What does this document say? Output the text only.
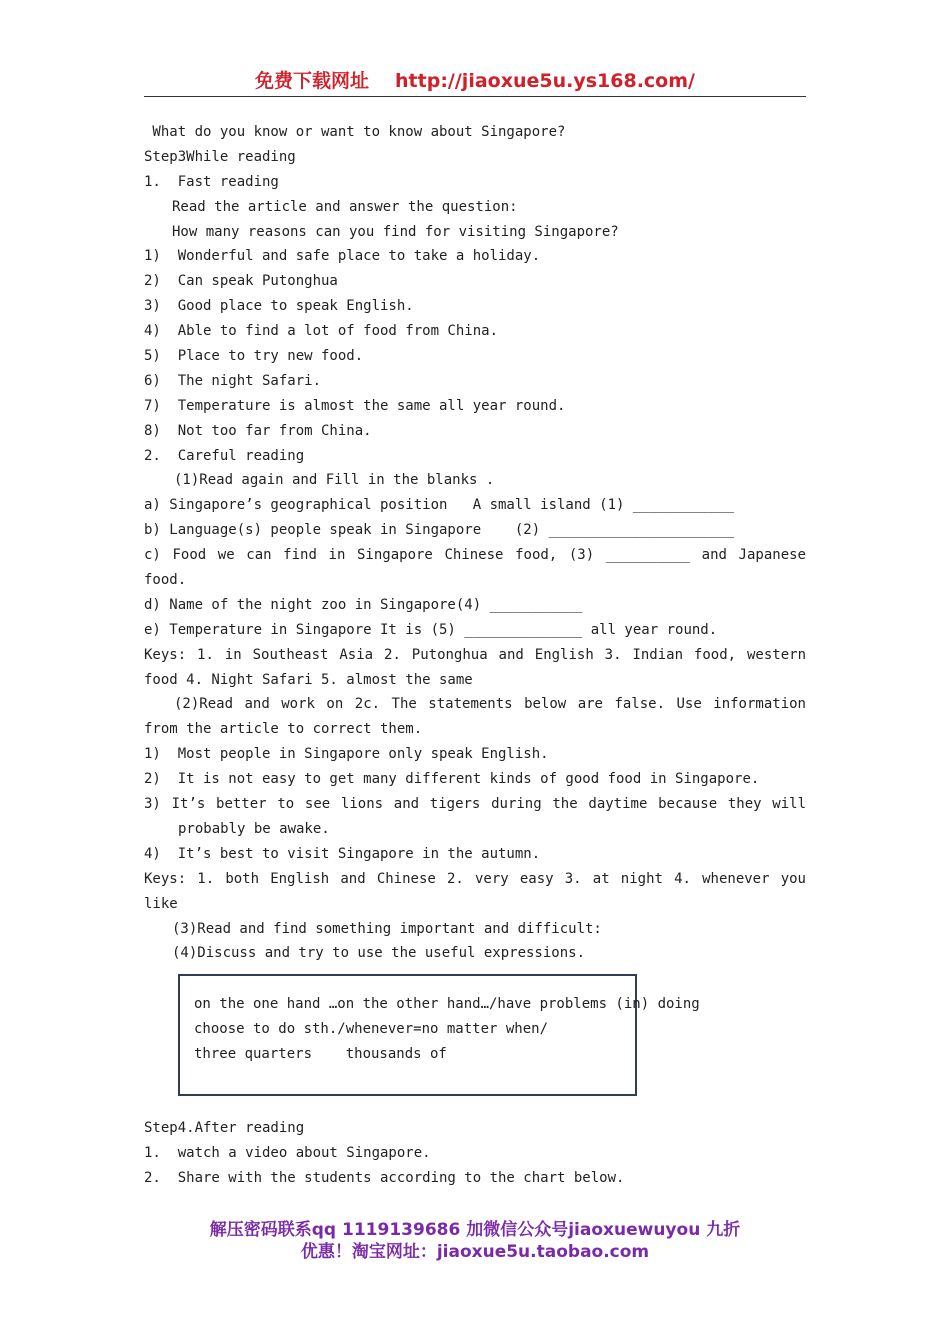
免费下载网址 http://jiaoxue5u.ys168.com/
What do you know or want to know about Singapore?
Step3While reading
1.  Fast reading
Read the article and answer the question:
How many reasons can you find for visiting Singapore?
1)  Wonderful and safe place to take a holiday.
2)  Can speak Putonghua
3)  Good place to speak English.
4)  Able to find a lot of food from China.
5)  Place to try new food.
6)  The night Safari.
7)  Temperature is almost the same all year round.
8)  Not too far from China.
2.  Careful reading
(1)Read again and Fill in the blanks .
a) Singapore’s geographical position   A small island (1) ____________
b) Language(s) people speak in Singapore    (2) ______________________
c) Food we can find in Singapore Chinese food, (3) __________ and Japanese
food.
d) Name of the night zoo in Singapore(4) ___________
e) Temperature in Singapore It is (5) ______________ all year round.
Keys: 1. in Southeast Asia 2. Putonghua and English 3. Indian food, western
food 4. Night Safari 5. almost the same
(2)Read and work on 2c. The statements below are false. Use information
from the article to correct them.
1)  Most people in Singapore only speak English.
2)  It is not easy to get many different kinds of good food in Singapore.
3) It’s better to see lions and tigers during the daytime because they will
probably be awake.
4)  It’s best to visit Singapore in the autumn.
Keys: 1. both English and Chinese 2. very easy 3. at night 4. whenever you
like
(3)Read and find something important and difficult:
(4)Discuss and try to use the useful expressions.
on the one hand …on the other hand…/have problems (in) doing
choose to do sth./whenever=no matter when/
three quarters    thousands of
Step4.After reading
1.  watch a video about Singapore.
2.  Share with the students according to the chart below.
解压密码联系qq 1119139686 加微信公众号jiaoxuewuyou 九折
优惠！淘宝网址：jiaoxue5u.taobao.com
